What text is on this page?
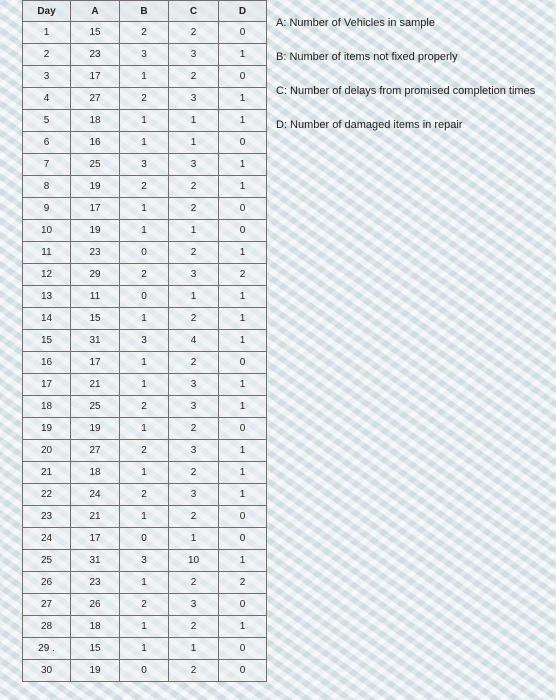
Day	A	B	C	D
1	15	2	2	0
2	23	3	3	1
3	17	1	2	0
4	27	2	3	1
5	18	1	1	1
6	16	1	1	0
7	25	3	3	1
8	19	2	2	1
9	17	1	2	0
10	19	1	1	0
11	23	0	2	1
12	29	2	3	2
13	11	0	1	1
14	15	1	2	1
15	31	3	4	1
16	17	1	2	0
17	21	1	3	1
18	25	2	3	1
19	19	1	2	0
20	27	2	3	1
21	18	1	2	1
22	24	2	3	1
23	21	1	2	0
24	17	0	1	0
25	31	3	10	1
26	23	1	2	2
27	26	2	3	0
28	18	1	2	1
29 .	15	1	1	0
30	19	0	2	0
A: Number of Vehicles in sample
B: Number of items not fixed properly
C: Number of delays from promised completion times
D: Number of damaged items in repair
